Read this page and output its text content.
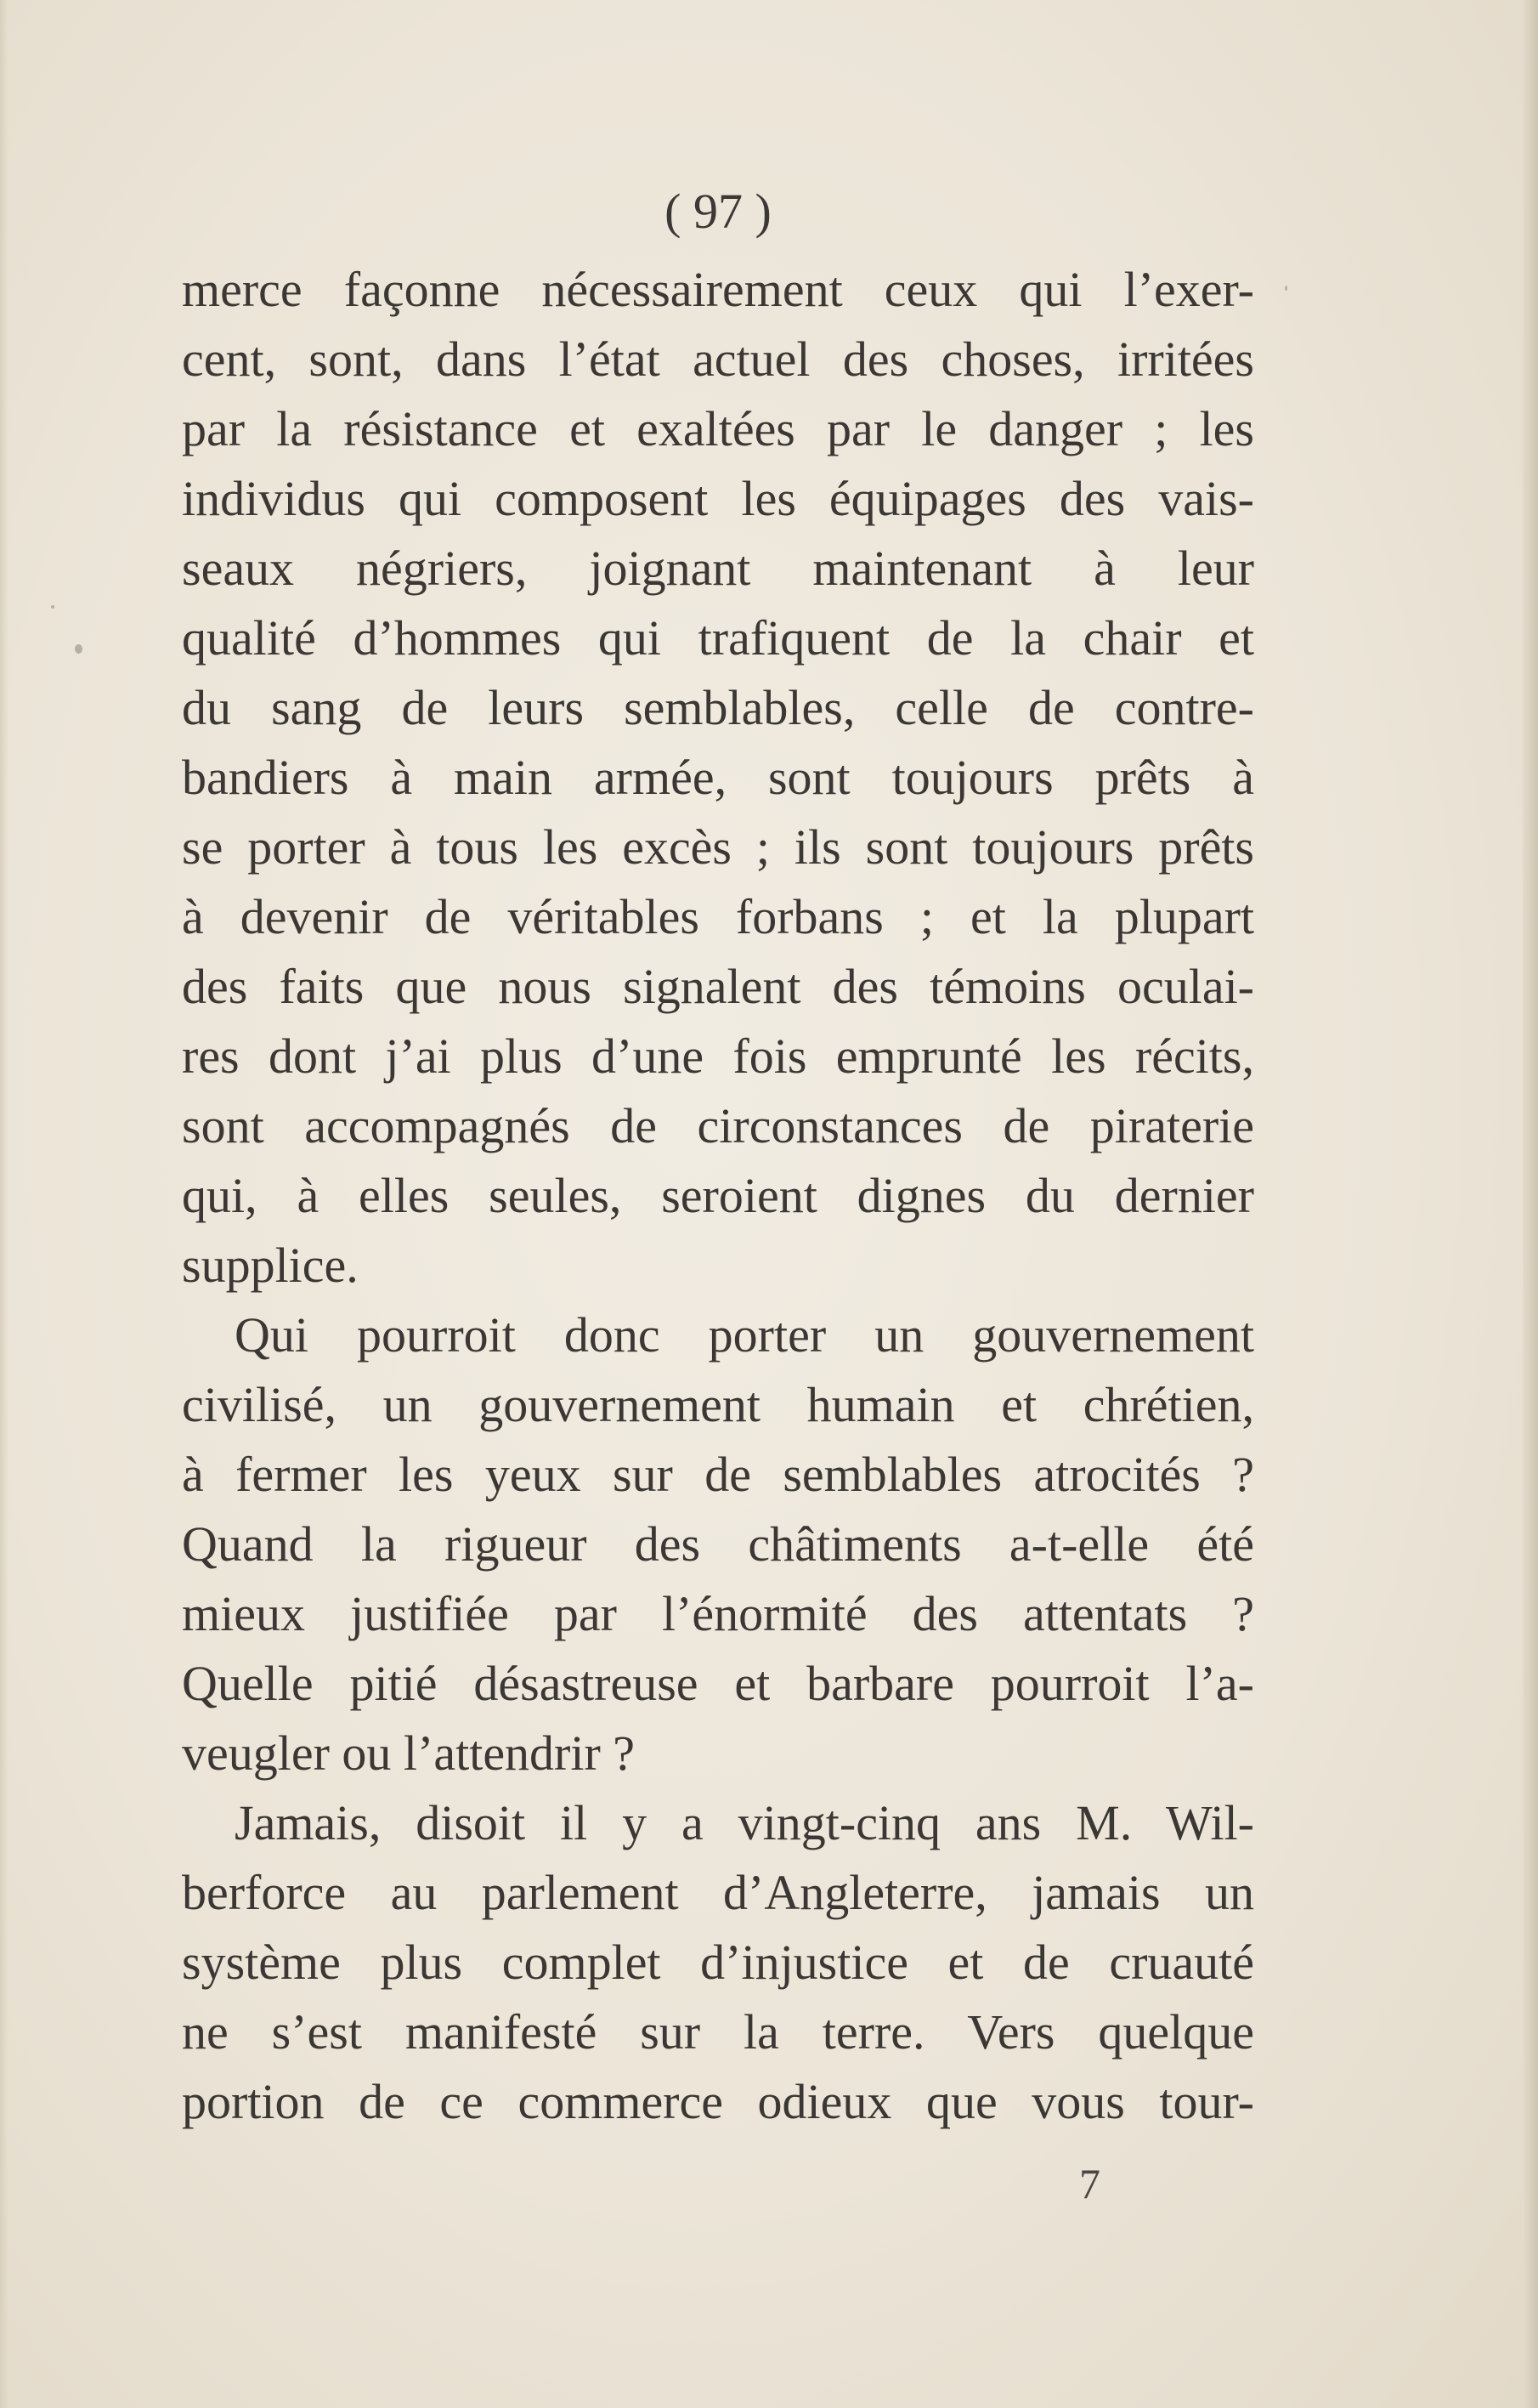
( 97 )

merce façonne nécessairement ceux qui l’exer-
cent, sont, dans l’état actuel des choses, irritées
par la résistance et exaltées par le danger ; les
individus qui composent les équipages des vais-
seaux négriers, joignant maintenant à leur
qualité d’hommes qui trafiquent de la chair et
du sang de leurs semblables, celle de contre-
bandiers à main armée, sont toujours prêts à
se porter à tous les excès ; ils sont toujours prêts
à devenir de véritables forbans ; et la plupart
des faits que nous signalent des témoins oculai-
res dont j’ai plus d’une fois emprunté les récits,
sont accompagnés de circonstances de piraterie
qui, à elles seules, seroient dignes du dernier
supplice.
Qui pourroit donc porter un gouvernement
civilisé, un gouvernement humain et chrétien,
à fermer les yeux sur de semblables atrocités ?
Quand la rigueur des châtiments a-t-elle été
mieux justifiée par l’énormité des attentats ?
Quelle pitié désastreuse et barbare pourroit l’a-
veugler ou l’attendrir ?
Jamais, disoit il y a vingt-cinq ans M. Wil-
berforce au parlement d’Angleterre, jamais un
système plus complet d’injustice et de cruauté
ne s’est manifesté sur la terre. Vers quelque
portion de ce commerce odieux que vous tour-

7
